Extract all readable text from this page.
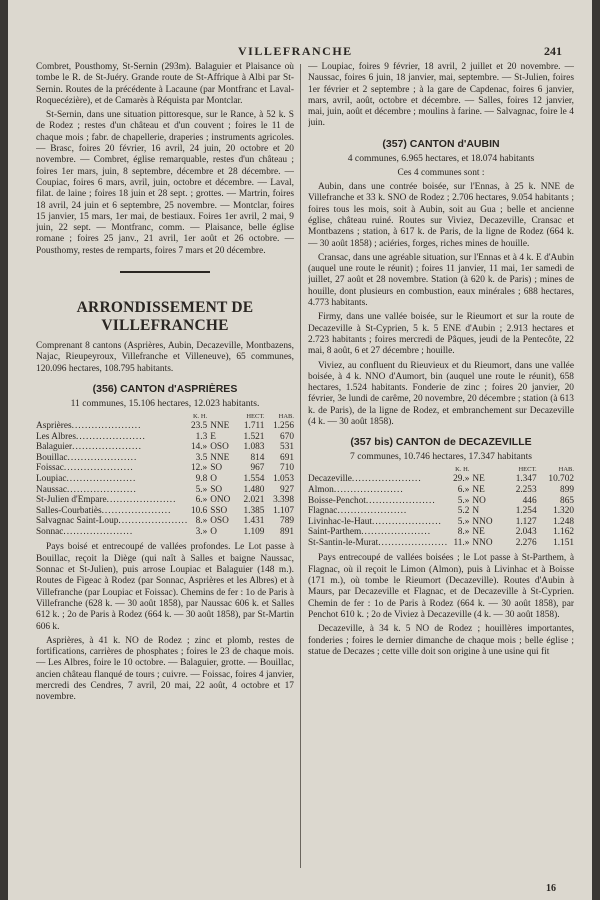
VILLEFRANCHE	241

Combret, Pousthomy, St-Sernin (293m). Balaguier et Plaisance où tombe le R. de St-Juéry. Grande route de St-Affrique à Albi par St-Sernin. Routes de la précédente à Lacaune (par Montfranc et Laval-Roquecézière), et de Camarès à Réquista par Montclar.

St-Sernin, dans une situation pittoresque, sur le Rance, à 52 k. S de Rodez ; restes d'un château et d'un couvent ; foires le 11 de chaque mois ; fabr. de chapellerie, draperies ; instruments agricoles. — Brasc, foires 20 février, 16 avril, 24 juin, 20 octobre et 20 novembre. — Combret, église remarquable, restes d'un château ; foires 1er mars, juin, 8 septembre, décembre et 28 décembre. — Coupiac, foires 6 mars, avril, juin, octobre et décembre. — Laval, filat. de laine ; foires 18 juin et 28 sept. ; grottes. — Martrin, foires 18 avril, 24 juin et 6 septembre, 25 novembre. — Montclar, foires 15 janvier, 15 mars, 1er mai, de bestiaux. Foires 1er avril, 2 mai, 9 juin, 22 sept. — Montfranc, comm. — Plaisance, belle église romane ; foires 25 janv., 21 avril, 1er août et 26 octobre. — Pousthomy, restes de remparts, foires 7 mars et 20 décembre.

ARRONDISSEMENT DE VILLEFRANCHE

Comprenant 8 cantons (Asprières, Aubin, Decazeville, Montbazens, Najac, Rieupeyroux, Villefranche et Villeneuve), 65 communes, 120.096 hectares, 108.795 habitants.

(356) CANTON d'ASPRIÈRES
11 communes, 15.106 hectares, 12.023 habitants.
	K. H.		HECT.	HAB.
Asprières.....................	23.5	NNE	1.711	1.256
Les Albres.....................	1.3	E	1.521	670
Balaguier.....................	14.»	OSO	1.083	531
Bouillac.....................	3.5	NNE	814	691
Foissac.....................	12.»	SO	967	710
Loupiac.....................	9.8	O	1.554	1.053
Naussac.....................	5.»	SO	1.480	927
St-Julien d'Empare.....................	6.»	ONO	2.021	3.398
Salles-Courbatiès.....................	10.6	SSO	1.385	1.107
Salvagnac Saint-Loup.....................	8.»	OSO	1.431	789
Sonnac.....................	3.»	O	1.109	891

Pays boisé et entrecoupé de vallées profondes. Le Lot passe à Bouillac, reçoit la Diège (qui naît à Salles et baigne Naussac, Sonnac et St-Julien), puis arrose Loupiac et Balaguier (148 m.). Routes de Figeac à Rodez (par Sonnac, Asprières et les Albres) et à Villefranche (par Loupiac et Foissac). Chemins de fer : 1o de Paris à Villefranche (628 k. — 30 août 1858), par Naussac 606 k. et Salles 612 k. ; 2o de Paris à Rodez (664 k. — 30 août 1858), par St-Martin 606 k.

Asprières, à 41 k. NO de Rodez ; zinc et plomb, restes de fortifications, carrières de phosphates ; foires le 23 de chaque mois. — Les Albres, foire le 10 octobre. — Balaguier, grotte. — Bouillac, ancien château flanqué de tours ; cuivre. — Foissac, foires 4 janvier, mercredi des Cendres, 7 avril, 20 mai, 22 août, 4 octobre et 17 novembre.

— Loupiac, foires 9 février, 18 avril, 2 juillet et 20 novembre. — Naussac, foires 6 juin, 18 janvier, mai, septembre. — St-Julien, foires 1er février et 2 septembre ; à la gare de Capdenac, foires 6 janvier, mars, avril, août, octobre et décembre. — Salles, foires 12 janvier, mai, juin, août et décembre ; moulins à farine. — Salvagnac, foire le 4 juin.

(357) CANTON d'AUBIN
4 communes, 6.965 hectares, et 18.074 habitants
Ces 4 communes sont :

Aubin, dans une contrée boisée, sur l'Ennas, à 25 k. NNE de Villefranche et 33 k. SNO de Rodez ; 2.706 hectares, 9.054 habitants ; foires tous les mois, soit à Aubin, soit au Gua ; belle et ancienne église, château ruiné. Routes sur Viviez, Decazeville, Cransac et Montbazens ; station, à 617 k. de Paris, de la ligne de Rodez (664 k. — 30 août 1858) ; aciéries, forges, riches mines de houille.

Cransac, dans une agréable situation, sur l'Ennas et à 4 k. E d'Aubin (auquel une route le réunit) ; foires 11 janvier, 11 mai, 1er samedi de juillet, 27 août et 28 novembre. Station (à 620 k. de Paris) ; mines de houille, dont plusieurs en combustion, eaux minérales ; 688 hectares, 4.773 habitants.

Firmy, dans une vallée boisée, sur le Rieumort et sur la route de Decazeville à St-Cyprien, 5 k. 5 ENE d'Aubin ; 2.913 hectares et 2.723 habitants ; foires mercredi de Pâques, jeudi de la Pentecôte, 22 mai, 8 août, 6 et 27 décembre ; houille.

Viviez, au confluent du Rieuvieux et du Rieumort, dans une vallée boisée, à 4 k. NNO d'Aumort, bin (auquel une route le réunit), 658 hectares, 1.524 habitants. Fonderie de zinc ; foires 20 janvier, 20 février, 3e lundi de carême, 20 novembre, 20 décembre ; station (à 613 k. de Paris), de la ligne de Rodez, et embranchement sur Decazeville (4 k. — 30 août 1858).

(357 bis) CANTON de DECAZEVILLE
7 communes, 10.746 hectares, 17.347 habitants
	K. H.		HECT.	HAB.
Decazeville.....................	29.»	NE	1.347	10.702
Almon.....................	6.»	NE	2.253	899
Boisse-Penchot.....................	5.»	NO	446	865
Flagnac.....................	5.2	N	1.254	1.320
Livinhac-le-Haut.....................	5.»	NNO	1.127	1.248
Saint-Parthem.....................	8.»	NE	2.043	1.162
St-Santin-le-Murat.....................	11.»	NNO	2.276	1.151

Pays entrecoupé de vallées boisées ; le Lot passe à St-Parthem, à Flagnac, où il reçoit le Limon (Almon), puis à Livinhac et à Boisse (171 m.), où tombe le Rieumort (Decazeville). Routes d'Aubin à Maurs, par Decazeville et Flagnac, et de Decazeville à St-Cyprien. Chemin de fer : 1o de Paris à Rodez (664 k. — 30 août 1858), par Penchot 610 k. ; 2o de Viviez à Decazeville (4 k. — 30 août 1858).

Decazeville, à 34 k. 5 NO de Rodez ; houillères importantes, fonderies ; foires le dernier dimanche de chaque mois ; belle église ; statue de Decazes ; cette ville doit son origine à une usine qui fit

16
